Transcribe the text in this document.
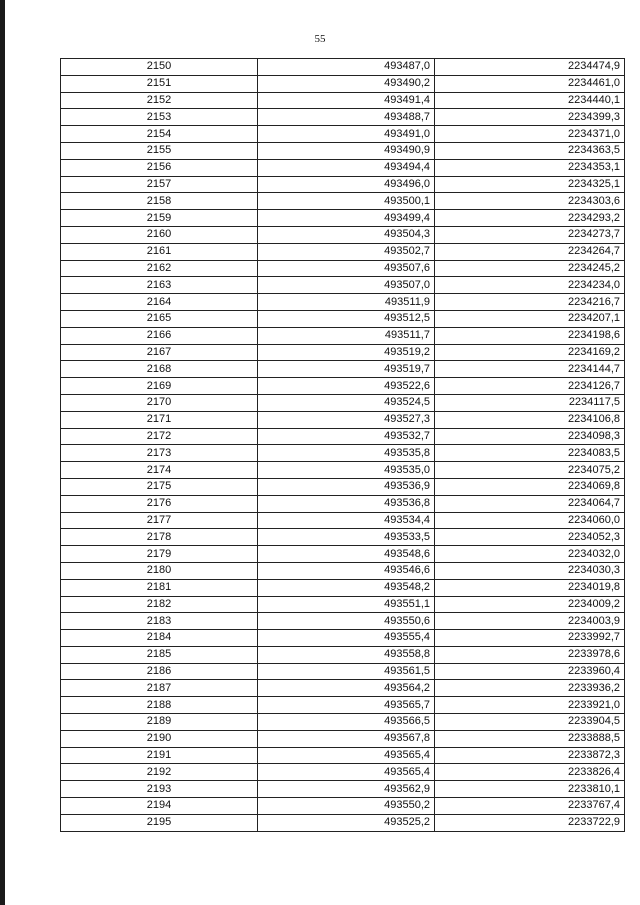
55
2150	493487,0	2234474,9
2151	493490,2	2234461,0
2152	493491,4	2234440,1
2153	493488,7	2234399,3
2154	493491,0	2234371,0
2155	493490,9	2234363,5
2156	493494,4	2234353,1
2157	493496,0	2234325,1
2158	493500,1	2234303,6
2159	493499,4	2234293,2
2160	493504,3	2234273,7
2161	493502,7	2234264,7
2162	493507,6	2234245,2
2163	493507,0	2234234,0
2164	493511,9	2234216,7
2165	493512,5	2234207,1
2166	493511,7	2234198,6
2167	493519,2	2234169,2
2168	493519,7	2234144,7
2169	493522,6	2234126,7
2170	493524,5	2234117,5
2171	493527,3	2234106,8
2172	493532,7	2234098,3
2173	493535,8	2234083,5
2174	493535,0	2234075,2
2175	493536,9	2234069,8
2176	493536,8	2234064,7
2177	493534,4	2234060,0
2178	493533,5	2234052,3
2179	493548,6	2234032,0
2180	493546,6	2234030,3
2181	493548,2	2234019,8
2182	493551,1	2234009,2
2183	493550,6	2234003,9
2184	493555,4	2233992,7
2185	493558,8	2233978,6
2186	493561,5	2233960,4
2187	493564,2	2233936,2
2188	493565,7	2233921,0
2189	493566,5	2233904,5
2190	493567,8	2233888,5
2191	493565,4	2233872,3
2192	493565,4	2233826,4
2193	493562,9	2233810,1
2194	493550,2	2233767,4
2195	493525,2	2233722,9
